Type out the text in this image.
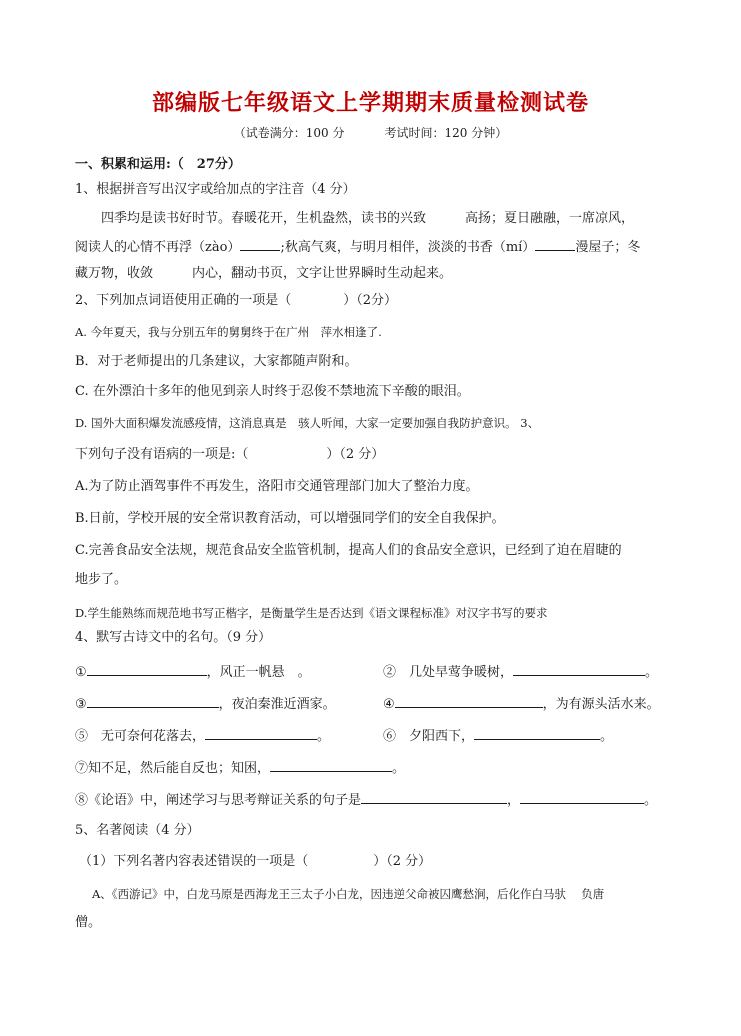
部编版七年级语文上学期期末质量检测试卷
（试卷满分：100 分	考试时间：120 分钟）
一、积累和运用:（　27分）
1、根据拼音写出汉字或给加点的字注音（4 分）
四季均是读书好时节。春暖花开，生机盎然，读书的兴致　　　高扬；夏日融融，一席凉风，
阅读人的心情不再浮（zào）	;秋高气爽，与明月相伴，淡淡的书香（mí）	漫屋子；冬
藏万物，收敛　　　内心，翻动书页，文字让世界瞬时生动起来。
2、下列加点词语使用正确的一项是（　　　　）（2分）
A. 今年夏天，我与分别五年的舅舅终于在广州　萍水相逢了.
B．对于老师提出的几条建议，大家都随声附和。
C. 在外漂泊十多年的他见到亲人时终于忍俊不禁地流下辛酸的眼泪。
D. 国外大面积爆发流感疫情，这消息真是　骇人听闻，大家一定要加强自我防护意识。 3、
下列句子没有语病的一项是:（　　　　　　）（2 分）
A.为了防止酒驾事件不再发生，洛阳市交通管理部门加大了整治力度。
B.日前，学校开展的安全常识教育活动，可以增强同学们的安全自我保护。
C.完善食品安全法规，规范食品安全监管机制，提高人们的食品安全意识，已经到了迫在眉睫的
地步了。
D.学生能熟练而规范地书写正楷字，是衡量学生是否达到《语文课程标准》对汉字书写的要求
4、默写古诗文中的名句。（9 分）
①	，风正一帆悬　。	②　几处早莺争暖树，	。
③	，夜泊秦淮近酒家。	④	，为有源头活水来。
⑤　无可奈何花落去，	。	⑥　夕阳西下，	。
⑦知不足，然后能自反也；知困，	。
⑧《论语》中，阐述学习与思考辩证关系的句子是	，	。
5、名著阅读（4 分）
（1）下列名著内容表述错误的一项是（　　　　　）（2 分）
A、《西游记》中，白龙马原是西海龙王三太子小白龙，因违逆父命被囚鹰愁涧，后化作白马驮　 负唐
僧。
